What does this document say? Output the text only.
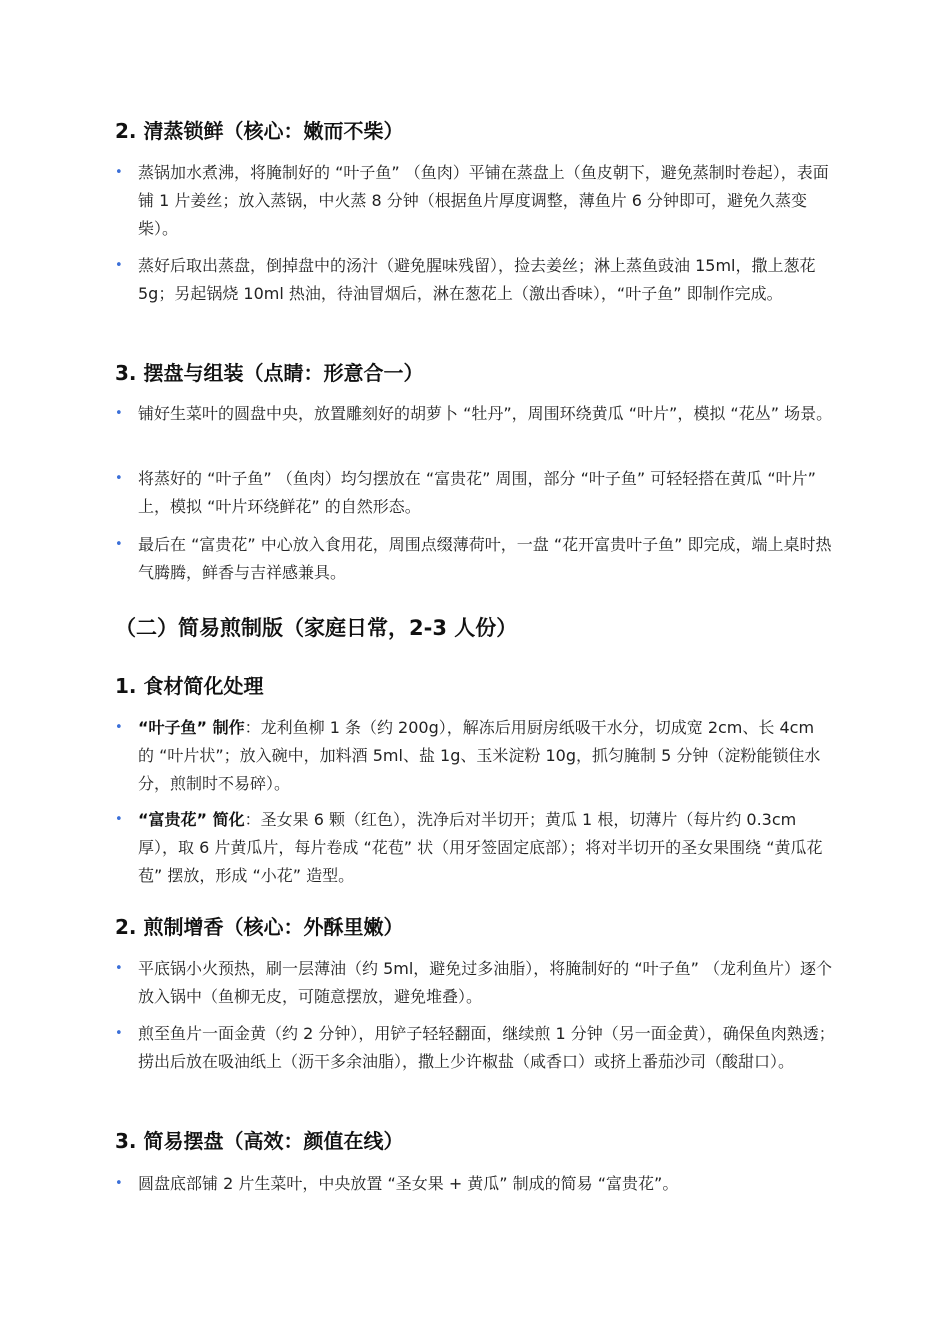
2. 清蒸锁鲜（核心：嫩而不柴）
• 蒸锅加水煮沸，将腌制好的 “叶子鱼” （鱼肉）平铺在蒸盘上（鱼皮朝下，避免蒸制时卷起），表面铺 1 片姜丝；放入蒸锅，中火蒸 8 分钟（根据鱼片厚度调整，薄鱼片 6 分钟即可，避免久蒸变柴）。
• 蒸好后取出蒸盘，倒掉盘中的汤汁（避免腥味残留），捡去姜丝；淋上蒸鱼豉油 15ml，撒上葱花 5g；另起锅烧 10ml 热油，待油冒烟后，淋在葱花上（激出香味），“叶子鱼” 即制作完成。
3. 摆盘与组装（点睛：形意合一）
• 铺好生菜叶的圆盘中央，放置雕刻好的胡萝卜 “牡丹”，周围环绕黄瓜 “叶片”，模拟 “花丛” 场景。
• 将蒸好的 “叶子鱼” （鱼肉）均匀摆放在 “富贵花” 周围，部分 “叶子鱼” 可轻轻搭在黄瓜 “叶片” 上，模拟 “叶片环绕鲜花” 的自然形态。
• 最后在 “富贵花” 中心放入食用花，周围点缀薄荷叶，一盘 “花开富贵叶子鱼” 即完成，端上桌时热气腾腾，鲜香与吉祥感兼具。
（二）简易煎制版（家庭日常，2-3 人份）
1. 食材简化处理
• “叶子鱼” 制作：龙利鱼柳 1 条（约 200g），解冻后用厨房纸吸干水分，切成宽 2cm、长 4cm 的 “叶片状”；放入碗中，加料酒 5ml、盐 1g、玉米淀粉 10g，抓匀腌制 5 分钟（淀粉能锁住水分，煎制时不易碎）。
• “富贵花” 简化：圣女果 6 颗（红色），洗净后对半切开；黄瓜 1 根，切薄片（每片约 0.3cm 厚），取 6 片黄瓜片，每片卷成 “花苞” 状（用牙签固定底部）；将对半切开的圣女果围绕 “黄瓜花苞” 摆放，形成 “小花” 造型。
2. 煎制增香（核心：外酥里嫩）
• 平底锅小火预热，刷一层薄油（约 5ml，避免过多油脂），将腌制好的 “叶子鱼” （龙利鱼片）逐个放入锅中（鱼柳无皮，可随意摆放，避免堆叠）。
• 煎至鱼片一面金黄（约 2 分钟），用铲子轻轻翻面，继续煎 1 分钟（另一面金黄），确保鱼肉熟透；捞出后放在吸油纸上（沥干多余油脂），撒上少许椒盐（咸香口）或挤上番茄沙司（酸甜口）。
3. 简易摆盘（高效：颜值在线）
• 圆盘底部铺 2 片生菜叶，中央放置 “圣女果 + 黄瓜” 制成的简易 “富贵花”。
